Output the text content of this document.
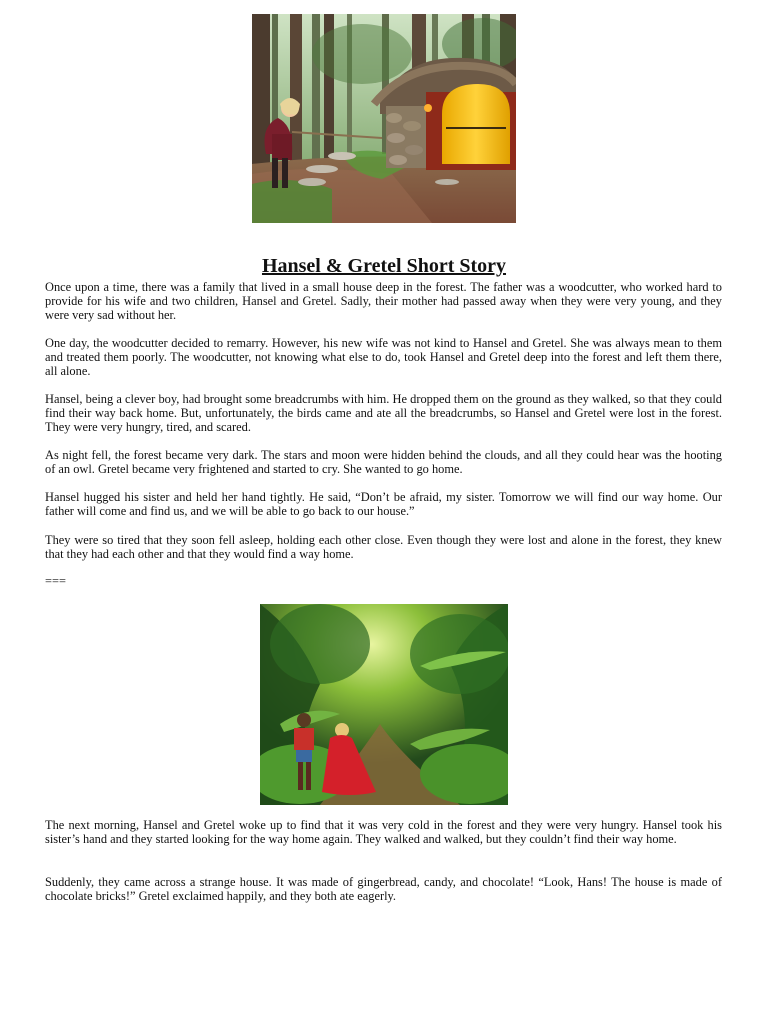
Hansel & Gretel Short Story

Once upon a time, there was a family that lived in a small house deep in the forest. The father was a woodcutter, who worked hard to provide for his wife and two children, Hansel and Gretel. Sadly, their mother had passed away when they were very young, and they were very sad without her.

One day, the woodcutter decided to remarry. However, his new wife was not kind to Hansel and Gretel. She was always mean to them and treated them poorly. The woodcutter, not knowing what else to do, took Hansel and Gretel deep into the forest and left them there, all alone.

Hansel, being a clever boy, had brought some breadcrumbs with him. He dropped them on the ground as they walked, so that they could find their way back home. But, unfortunately, the birds came and ate all the breadcrumbs, so Hansel and Gretel were lost in the forest. They were very hungry, tired, and scared.

As night fell, the forest became very dark. The stars and moon were hidden behind the clouds, and all they could hear was the hooting of an owl. Gretel became very frightened and started to cry. She wanted to go home.

Hansel hugged his sister and held her hand tightly. He said, “Don’t be afraid, my sister. Tomorrow we will find our way home. Our father will come and find us, and we will be able to go back to our house.”

They were so tired that they soon fell asleep, holding each other close. Even though they were lost and alone in the forest, they knew that they had each other and that they would find a way home.

===

The next morning, Hansel and Gretel woke up to find that it was very cold in the forest and they were very hungry. Hansel took his sister’s hand and they started looking for the way home again. They walked and walked, but they couldn’t find their way home.

Suddenly, they came across a strange house. It was made of gingerbread, candy, and chocolate! “Look, Hans! The house is made of chocolate bricks!” Gretel exclaimed happily, and they both ate eagerly.
